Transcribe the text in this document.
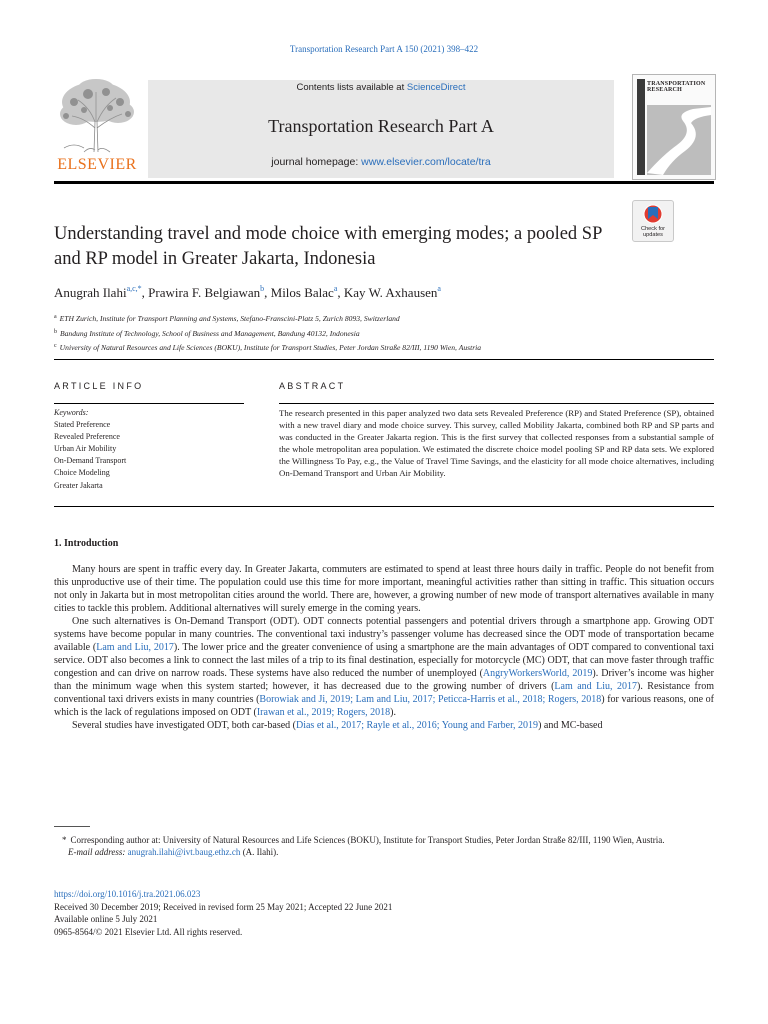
Transportation Research Part A 150 (2021) 398–422
ELSEVIER
Contents lists available at ScienceDirect
Transportation Research Part A
journal homepage: www.elsevier.com/locate/tra
TRANSPORTATION RESEARCH
Understanding travel and mode choice with emerging modes; a pooled SP and RP model in Greater Jakarta, Indonesia
Check for updates
Anugrah Ilahi$^{a,c,*}$, Prawira F. Belgiawan$^b$, Milos Balac$^a$, Kay W. Axhausen$^a$
$^a$ ETH Zurich, Institute for Transport Planning and Systems, Stefano-Franscini-Platz 5, Zurich 8093, Switzerland
$^b$ Bandung Institute of Technology, School of Business and Management, Bandung 40132, Indonesia
$^c$ University of Natural Resources and Life Sciences (BOKU), Institute for Transport Studies, Peter Jordan Straße 82/III, 1190 Wien, Austria
ARTICLE INFO	ABSTRACT
Keywords:
Stated Preference
Revealed Preference
Urban Air Mobility
On-Demand Transport
Choice Modeling
Greater Jakarta
The research presented in this paper analyzed two data sets Revealed Preference (RP) and Stated Preference (SP), obtained with a new travel diary and mode choice survey. This survey, called Mobility Jakarta, combined both RP and SP parts and was conducted in the Greater Jakarta region. This is the first survey that collected responses from a substantial sample of the whole metropolitan area population. We estimated the discrete choice model pooling SP and RP data sets. We explored the Willingness To Pay, e.g., the Value of Travel Time Savings, and the elasticity for all mode choice alternatives, including On-Demand Transport and Urban Air Mobility.
1. Introduction

Many hours are spent in traffic every day. In Greater Jakarta, commuters are estimated to spend at least three hours daily in traffic. People do not benefit from this unproductive use of their time. The population could use this time for more important, meaningful activities rather than sitting in traffic. This situation occurs not only in Jakarta but in most metropolitan cities around the world. There are, however, a growing number of new mode of transport alternatives available in many cities to tackle this problem. Additional alternatives will surely emerge in the coming years.

One such alternatives is On-Demand Transport (ODT). ODT connects potential passengers and potential drivers through a smartphone app. Growing ODT systems have become popular in many countries. The conventional taxi industry’s passenger volume has decreased since the ODT mode of transportation became available (Lam and Liu, 2017). The lower price and the greater convenience of using a smartphone are the main advantages of ODT compared to conventional taxi service. ODT also becomes a link to connect the last miles of a trip to its final destination, especially for motorcycle (MC) ODT, that can move faster through traffic congestion and can drive on narrow roads. These systems have also reduced the number of unemployed (AngryWorkersWorld, 2019). Driver’s income was higher than the minimum wage when this system started; however, it has decreased due to the growing number of drivers (Lam and Liu, 2017). Resistance from conventional taxi drivers exists in many countries (Borowiak and Ji, 2019; Lam and Liu, 2017; Peticca-Harris et al., 2018; Rogers, 2018) for various reasons, one of which is the lack of regulations imposed on ODT (Irawan et al., 2019; Rogers, 2018).

Several studies have investigated ODT, both car-based (Dias et al., 2017; Rayle et al., 2016; Young and Farber, 2019) and MC-based

* Corresponding author at: University of Natural Resources and Life Sciences (BOKU), Institute for Transport Studies, Peter Jordan Straße 82/III, 1190 Wien, Austria.
E-mail address: anugrah.ilahi@ivt.baug.ethz.ch (A. Ilahi).
https://doi.org/10.1016/j.tra.2021.06.023
Received 30 December 2019; Received in revised form 25 May 2021; Accepted 22 June 2021
Available online 5 July 2021
0965-8564/© 2021 Elsevier Ltd. All rights reserved.
